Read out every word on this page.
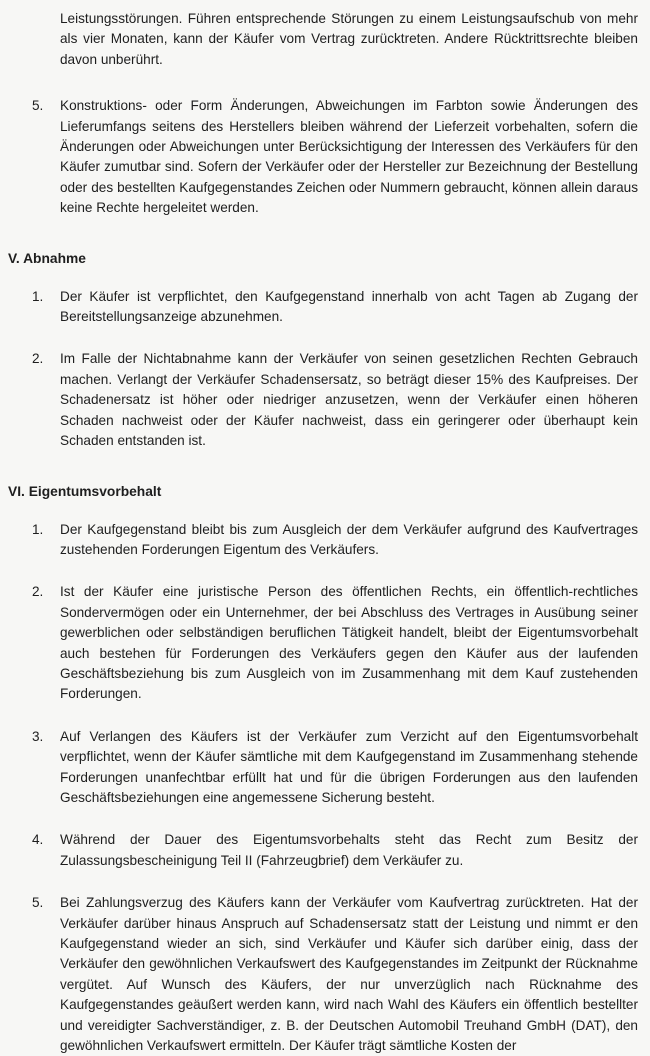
Leistungsstörungen. Führen entsprechende Störungen zu einem Leistungsaufschub von mehr als vier Monaten, kann der Käufer vom Vertrag zurücktreten. Andere Rücktrittsrechte bleiben davon unberührt.
5.	Konstruktions- oder Form Änderungen, Abweichungen im Farbton sowie Änderungen des Lieferumfangs seitens des Herstellers bleiben während der Lieferzeit vorbehalten, sofern die Änderungen oder Abweichungen unter Berücksichtigung der Interessen des Verkäufers für den Käufer zumutbar sind. Sofern der Verkäufer oder der Hersteller zur Bezeichnung der Bestellung oder des bestellten Kaufgegenstandes Zeichen oder Nummern gebraucht, können allein daraus keine Rechte hergeleitet werden.
V. Abnahme
1.	Der Käufer ist verpflichtet, den Kaufgegenstand innerhalb von acht Tagen ab Zugang der Bereitstellungsanzeige abzunehmen.
2.	Im Falle der Nichtabnahme kann der Verkäufer von seinen gesetzlichen Rechten Gebrauch machen. Verlangt der Verkäufer Schadensersatz, so beträgt dieser 15% des Kaufpreises. Der Schadenersatz ist höher oder niedriger anzusetzen, wenn der Verkäufer einen höheren Schaden nachweist oder der Käufer nachweist, dass ein geringerer oder überhaupt kein Schaden entstanden ist.
VI. Eigentumsvorbehalt
1.	Der Kaufgegenstand bleibt bis zum Ausgleich der dem Verkäufer aufgrund des Kaufvertrages zustehenden Forderungen Eigentum des Verkäufers.
2.	Ist der Käufer eine juristische Person des öffentlichen Rechts, ein öffentlich-rechtliches Sondervermögen oder ein Unternehmer, der bei Abschluss des Vertrages in Ausübung seiner gewerblichen oder selbständigen beruflichen Tätigkeit handelt, bleibt der Eigentumsvorbehalt auch bestehen für Forderungen des Verkäufers gegen den Käufer aus der laufenden Geschäftsbeziehung bis zum Ausgleich von im Zusammenhang mit dem Kauf zustehenden Forderungen.
3.	Auf Verlangen des Käufers ist der Verkäufer zum Verzicht auf den Eigentumsvorbehalt verpflichtet, wenn der Käufer sämtliche mit dem Kaufgegenstand im Zusammenhang stehende Forderungen unanfechtbar erfüllt hat und für die übrigen Forderungen aus den laufenden Geschäftsbeziehungen eine angemessene Sicherung besteht.
4.	Während der Dauer des Eigentumsvorbehalts steht das Recht zum Besitz der Zulassungsbescheinigung Teil II (Fahrzeugbrief) dem Verkäufer zu.
5.	Bei Zahlungsverzug des Käufers kann der Verkäufer vom Kaufvertrag zurücktreten. Hat der Verkäufer darüber hinaus Anspruch auf Schadensersatz statt der Leistung und nimmt er den Kaufgegenstand wieder an sich, sind Verkäufer und Käufer sich darüber einig, dass der Verkäufer den gewöhnlichen Verkaufswert des Kaufgegenstandes im Zeitpunkt der Rücknahme vergütet. Auf Wunsch des Käufers, der nur unverzüglich nach Rücknahme des Kaufgegenstandes geäußert werden kann, wird nach Wahl des Käufers ein öffentlich bestellter und vereidigter Sachverständiger, z. B. der Deutschen Automobil Treuhand GmbH (DAT), den gewöhnlichen Verkaufswert ermitteln. Der Käufer trägt sämtliche Kosten der
